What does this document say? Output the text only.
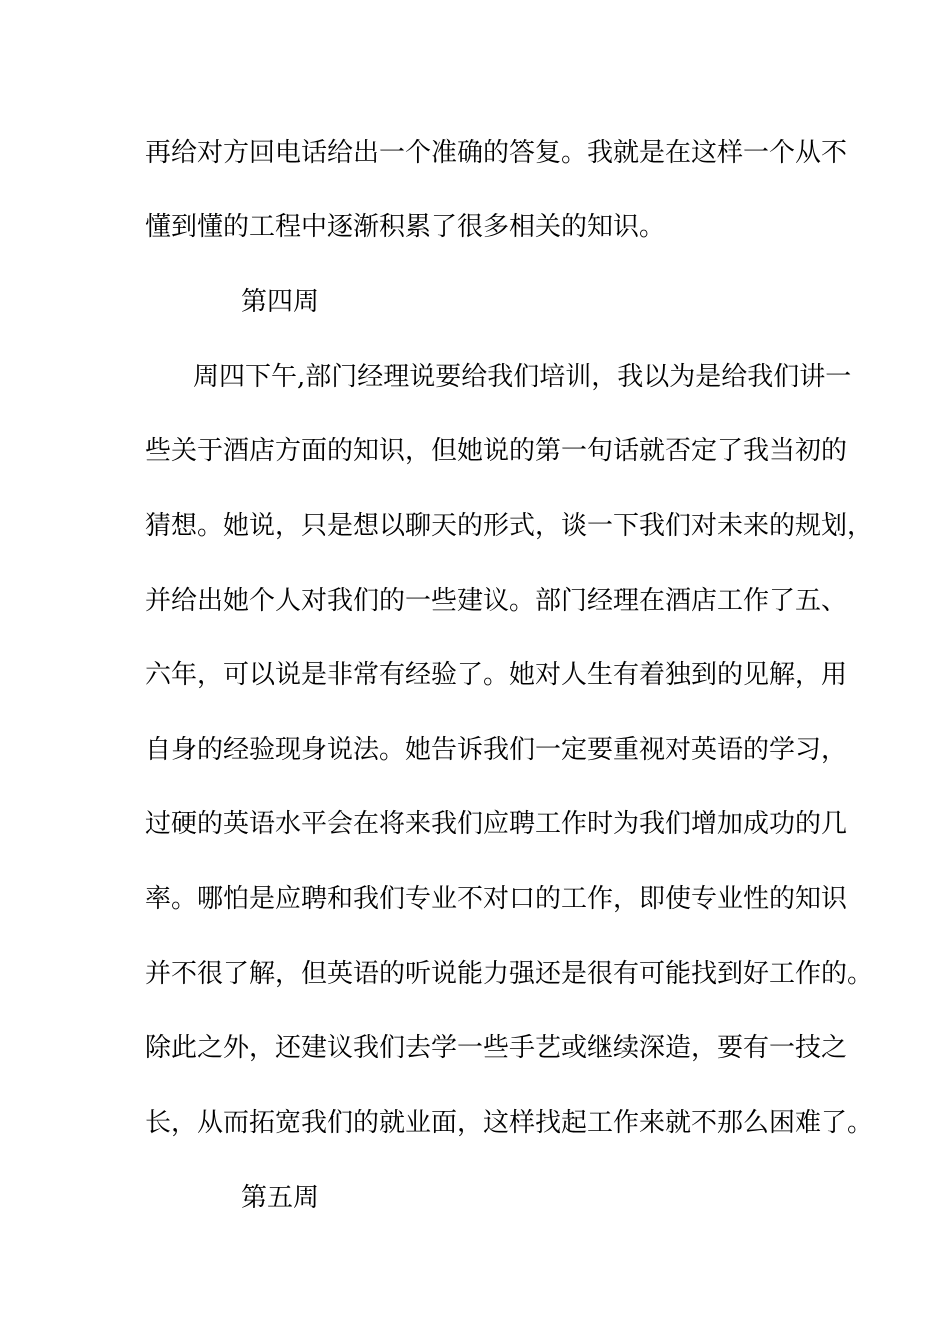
再给对方回电话给出一个准确的答复。我就是在这样一个从不
懂到懂的工程中逐渐积累了很多相关的知识。
第四周
周四下午,部门经理说要给我们培训，我以为是给我们讲一
些关于酒店方面的知识，但她说的第一句话就否定了我当初的
猜想。她说，只是想以聊天的形式，谈一下我们对未来的规划，
并给出她个人对我们的一些建议。部门经理在酒店工作了五、
六年，可以说是非常有经验了。她对人生有着独到的见解，用
自身的经验现身说法。她告诉我们一定要重视对英语的学习，
过硬的英语水平会在将来我们应聘工作时为我们增加成功的几
率。哪怕是应聘和我们专业不对口的工作，即使专业性的知识
并不很了解，但英语的听说能力强还是很有可能找到好工作的。
除此之外，还建议我们去学一些手艺或继续深造，要有一技之
长，从而拓宽我们的就业面，这样找起工作来就不那么困难了。
第五周
